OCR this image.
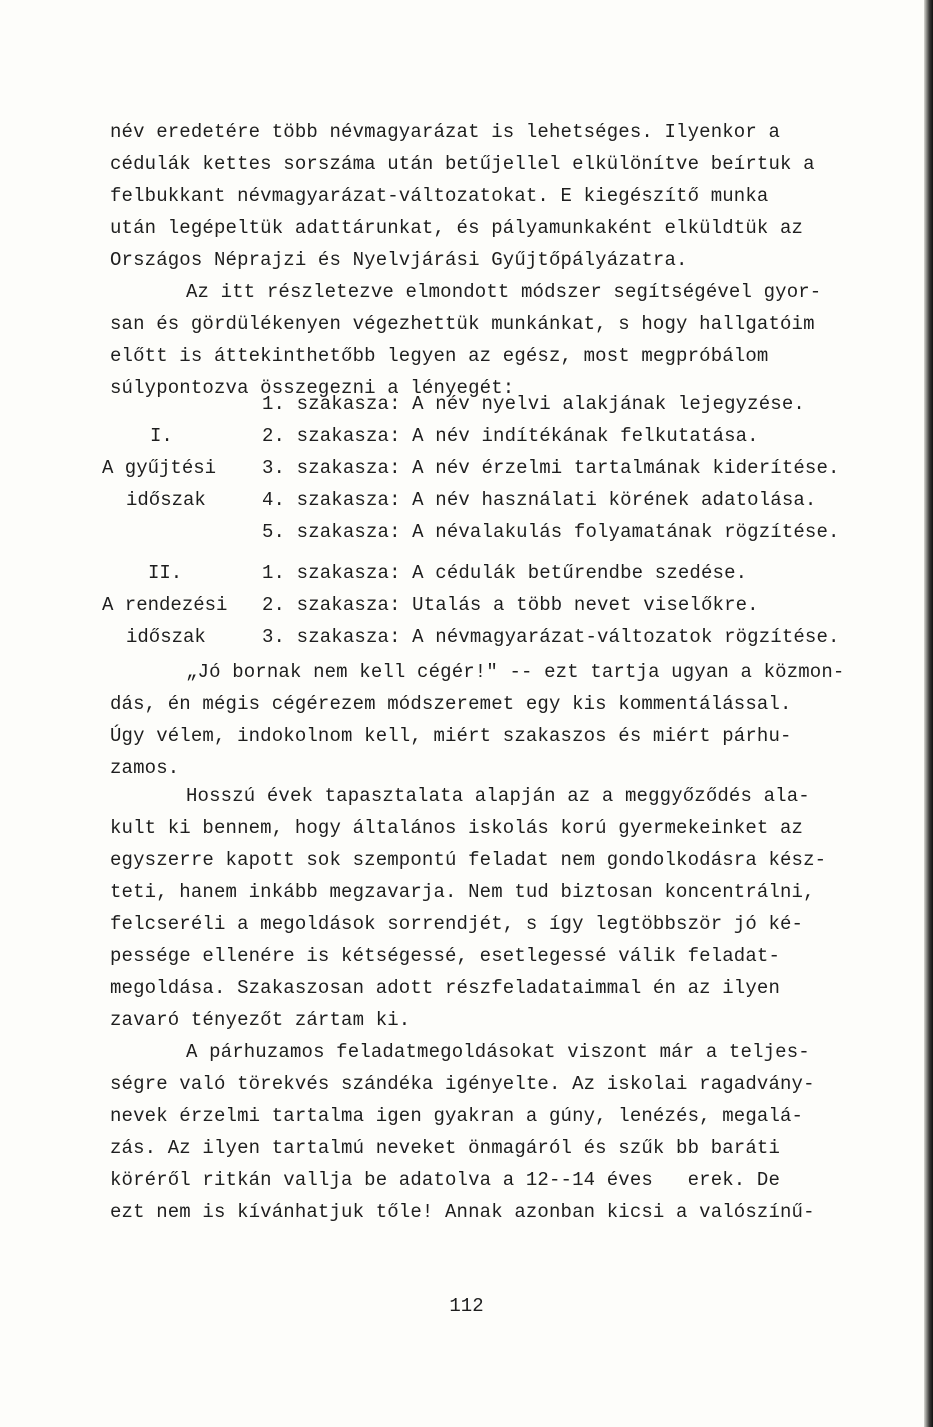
név eredetére több névmagyarázat is lehetséges. Ilyenkor a
cédulák kettes sorszáma után betűjellel elkülönítve beírtuk a
felbukkant névmagyarázat-változatokat. E kiegészítő munka
után legépeltük adattárunkat, és pályamunkaként elküldtük az
Országos Néprajzi és Nyelvjárási Gyűjtőpályázatra.
Az itt részletezve elmondott módszer segítségével gyor-
san és gördülékenyen végezhettük munkánkat, s hogy hallgatóim
előtt is áttekinthetőbb legyen az egész, most megpróbálom
súlypontozva összegezni a lényegét:
I.
A gyűjtési
időszak
1. szakasza: A név nyelvi alakjának lejegyzése.
2. szakasza: A név indítékának felkutatása.
3. szakasza: A név érzelmi tartalmának kiderítése.
4. szakasza: A név használati körének adatolása.
5. szakasza: A névalakulás folyamatának rögzítése.
II.
A rendezési
időszak
1. szakasza: A cédulák betűrendbe szedése.
2. szakasza: Utalás a több nevet viselőkre.
3. szakasza: A névmagyarázat-változatok rögzítése.
„Jó bornak nem kell cégér!" -- ezt tartja ugyan a közmon-
dás, én mégis cégérezem módszeremet egy kis kommentálással.
Úgy vélem, indokolnom kell, miért szakaszos és miért párhu-
zamos.
Hosszú évek tapasztalata alapján az a meggyőződés ala-
kult ki bennem, hogy általános iskolás korú gyermekeinket az
egyszerre kapott sok szempontú feladat nem gondolkodásra kész-
teti, hanem inkább megzavarja. Nem tud biztosan koncentrálni,
felcseréli a megoldások sorrendjét, s így legtöbbször jó ké-
pessége ellenére is kétségessé, esetlegessé válik feladat-
megoldása. Szakaszosan adott részfeladataimmal én az ilyen
zavaró tényezőt zártam ki.
A párhuzamos feladatmegoldásokat viszont már a teljes-
ségre való törekvés szándéka igényelte. Az iskolai ragadvány-
nevek érzelmi tartalma igen gyakran a gúny, lenézés, megalá-
zás. Az ilyen tartalmú neveket önmagáról és szűk bb baráti
köréről ritkán vallja be adatolva a 12--14 éves   erek. De
ezt nem is kívánhatjuk tőle! Annak azonban kicsi a valószínű-
112
